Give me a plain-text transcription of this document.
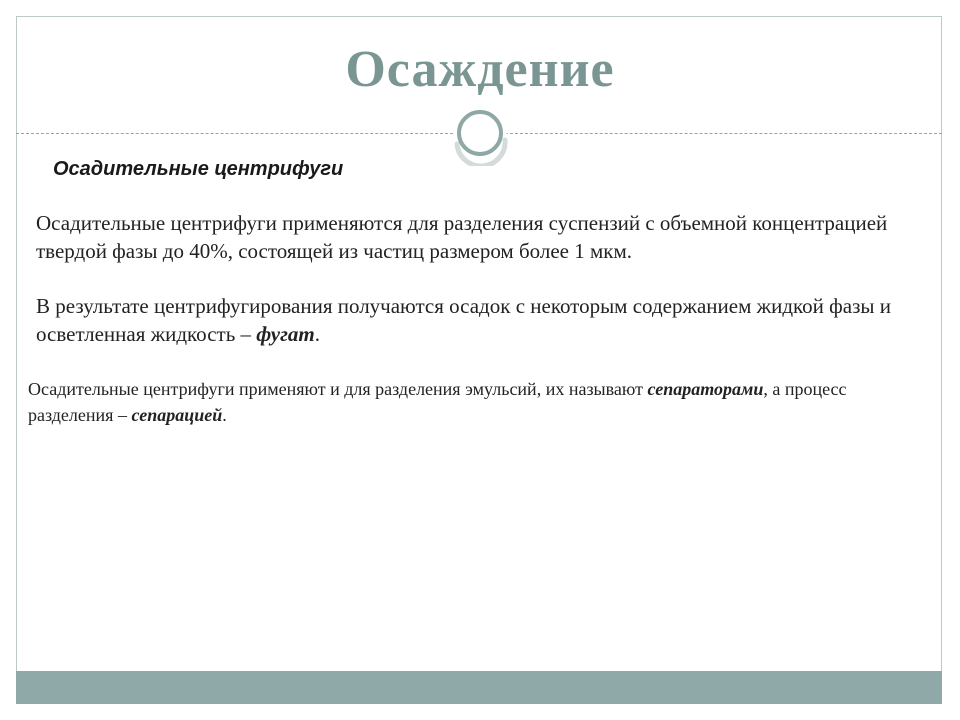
Осаждение
Осадительные центрифуги

Осадительные центрифуги применяются для разделения суспензий с объемной концентрацией твердой фазы до 40%, состоящей из частиц размером более 1 мкм.

В результате центрифугирования получаются осадок с некоторым содержанием жидкой фазы и осветленная жидкость – фугат.

Осадительные центрифуги применяют и для разделения эмульсий, их называют сепараторами, а процесс разделения – сепарацией.
